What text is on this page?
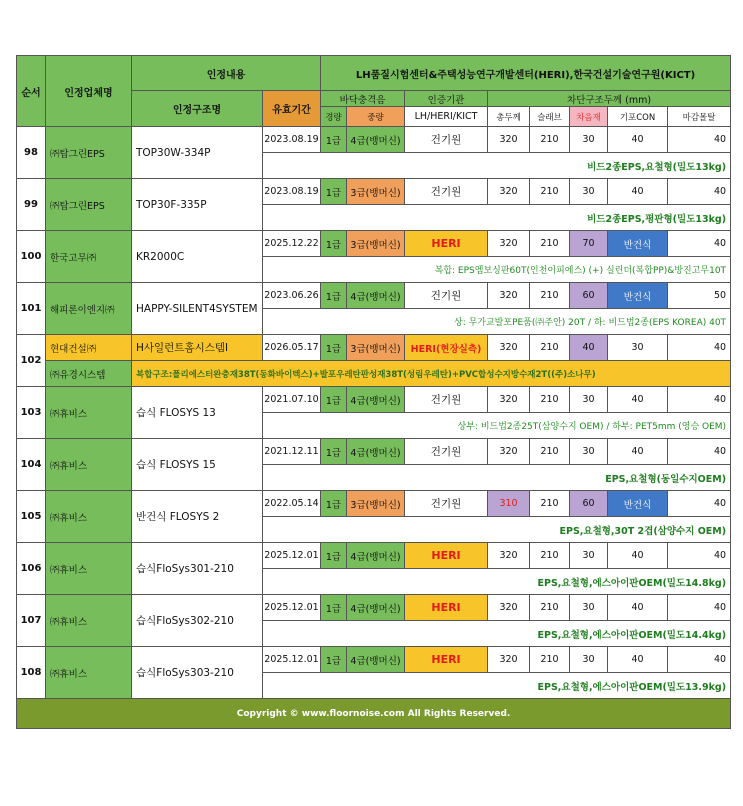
순서	인정업체명	인정내용		LH품질시험센터&주택성능연구개발센터(HERI),한국건설기술연구원(KICT)							
		인정구조명	유효기간	바닥충격음		인증기관	차단구조두께 (mm)				
				경량	중량	LH/HERI/KICT	총두께	슬래브	차음재	기포CON	마감몰탈
98	㈜탑그린EPS	TOP30W-334P	2023.08.19	1급	4급(뱅머신)	건기원	320	210	30	40	40
			비드2종EPS,요철형(밀도13kg)								
99	㈜탑그린EPS	TOP30F-335P	2023.08.19	1급	3급(뱅머신)	건기원	320	210	30	40	40
			비드2종EPS,평판형(밀도13kg)								
100	한국고무㈜	KR2000C	2025.12.22	1급	3급(뱅머신)	HERI	320	210	70	반건식	40
			복합: EPS엠보싱판60T(인천이피에스) (+) 실린더(복합PP)&방진고무10T								
101	해피론이엔지㈜	HAPPY-SILENT4SYSTEM	2023.06.26	1급	4급(뱅머신)	건기원	320	210	60	반건식	50
			상: 무가교발포PE품(㈜주안) 20T / 하: 비드법2종(EPS KOREA) 40T								
102	현대건설㈜	H사일런트홈시스템I	2026.05.17	1급	3급(뱅머신)	HERI(현장실측)	320	210	40	30	40
	㈜유경시스템	복합구조:폴리에스터완충재38T(동화바이텍스)+발포우레탄판성재38T(성림우레탄)+PVC합성수지방수재2T((주)소나무)									
103	㈜휴비스	습식 FLOSYS 13	2021.07.10	1급	4급(뱅머신)	건기원	320	210	30	40	40
			상부: 비드법2종25T(삼양수지 OEM) / 하부: PET5mm (영승 OEM)								
104	㈜휴비스	습식 FLOSYS 15	2021.12.11	1급	4급(뱅머신)	건기원	320	210	30	40	40
			EPS,요철형(동일수지OEM)								
105	㈜휴비스	반건식 FLOSYS 2	2022.05.14	1급	3급(뱅머신)	건기원	310	210	60	반건식	40
			EPS,요철형,30T 2겹(삼양수지 OEM)								
106	㈜휴비스	습식FloSys301-210	2025.12.01	1급	4급(뱅머신)	HERI	320	210	30	40	40
			EPS,요철형,에스아이판OEM(밀도14.8kg)								
107	㈜휴비스	습식FloSys302-210	2025.12.01	1급	4급(뱅머신)	HERI	320	210	30	40	40
			EPS,요철형,에스아이판OEM(밀도14.4kg)								
108	㈜휴비스	습식FloSys303-210	2025.12.01	1급	4급(뱅머신)	HERI	320	210	30	40	40
			EPS,요철형,에스아이판OEM(밀도13.9kg)								
Copyright © www.floornoise.com All Rights Reserved.											
